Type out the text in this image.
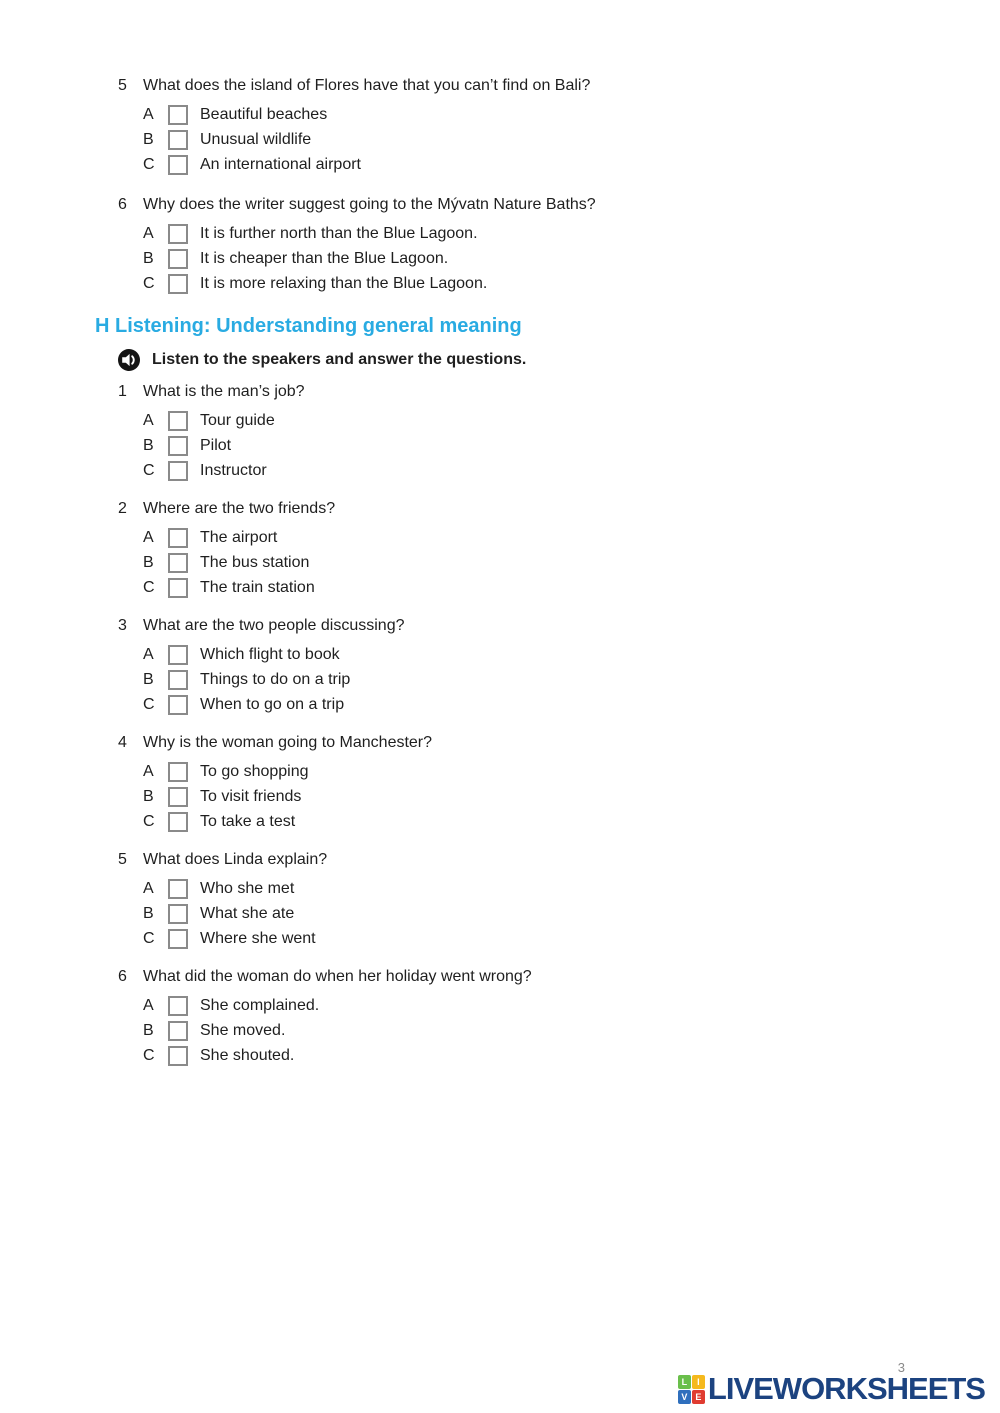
5	What does the island of Flores have that you can’t find on Bali?
A	Beautiful beaches
B	Unusual wildlife
C	An international airport
6	Why does the writer suggest going to the Mývatn Nature Baths?
A	It is further north than the Blue Lagoon.
B	It is cheaper than the Blue Lagoon.
C	It is more relaxing than the Blue Lagoon.
H Listening: Understanding general meaning
Listen to the speakers and answer the questions.
1	What is the man’s job?
A	Tour guide
B	Pilot
C	Instructor
2	Where are the two friends?
A	The airport
B	The bus station
C	The train station
3	What are the two people discussing?
A	Which flight to book
B	Things to do on a trip
C	When to go on a trip
4	Why is the woman going to Manchester?
A	To go shopping
B	To visit friends
C	To take a test
5	What does Linda explain?
A	Who she met
B	What she ate
C	Where she went
6	What did the woman do when her holiday went wrong?
A	She complained.
B	She moved.
C	She shouted.
3
L	I
V E LIVEWORKSHEETS
